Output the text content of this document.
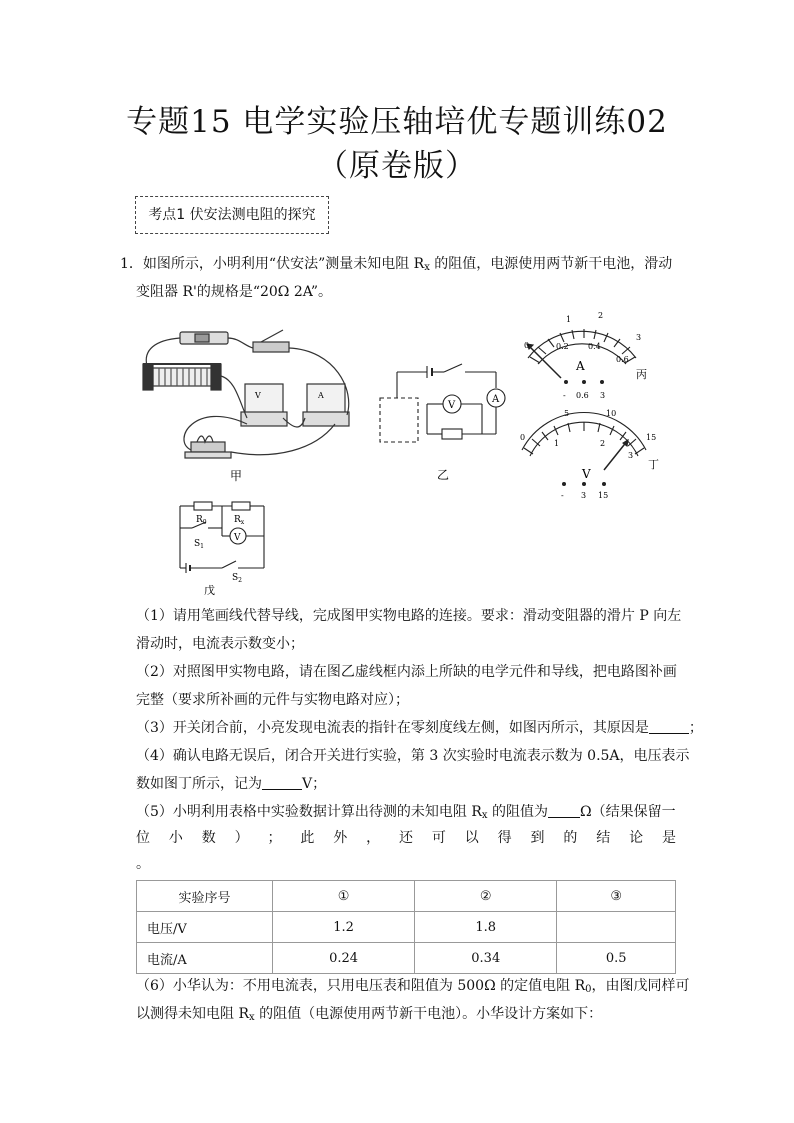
专题15 电学实验压轴培优专题训练02
（原卷版）
考点1 伏安法测电阻的探究
1．如图所示，小明利用“伏安法”测量未知电阻 $R_x$ 的阻值，电源使用两节新干电池，滑动
变阻器 R'的规格是“20Ω 2A”。
V	A
甲
V
A
乙
0	0.2 0.4
0.6
1	2
3
A
- 0.6 3
丙
0
5	10
15
1	2
3
V
- 3 15
丁
$R_0$	$R_x$
V
$S_1$
$S_2$
戊
（1）请用笔画线代替导线，完成图甲实物电路的连接。要求：滑动变阻器的滑片 P 向左
滑动时，电流表示数变小；
（2）对照图甲实物电路，请在图乙虚线框内添上所缺的电学元件和导线，把电路图补画
完整（要求所补画的元件与实物电路对应）；
（3）开关闭合前，小亮发现电流表的指针在零刻度线左侧，如图丙所示，其原因是	；
（4）确认电路无误后，闭合开关进行实验，第 3 次实验时电流表示数为 0.5A，电压表示
数如图丁所示，记为	V；
（5）小明利用表格中实验数据计算出待测的未知电阻 $R_x$ 的阻值为 Ω（结果保留一
位 小 数 ） ； 此 外 ， 还 可 以 得 到 的 结 论 是
。
实验序号	①	②	③
电压/V	1.2	1.8	
电流/A	0.24	0.34	0.5
（6）小华认为：不用电流表，只用电压表和阻值为 500Ω 的定值电阻 $R_0$，由图戊同样可
以测得未知电阻 $R_x$ 的阻值（电源使用两节新干电池）。小华设计方案如下：
